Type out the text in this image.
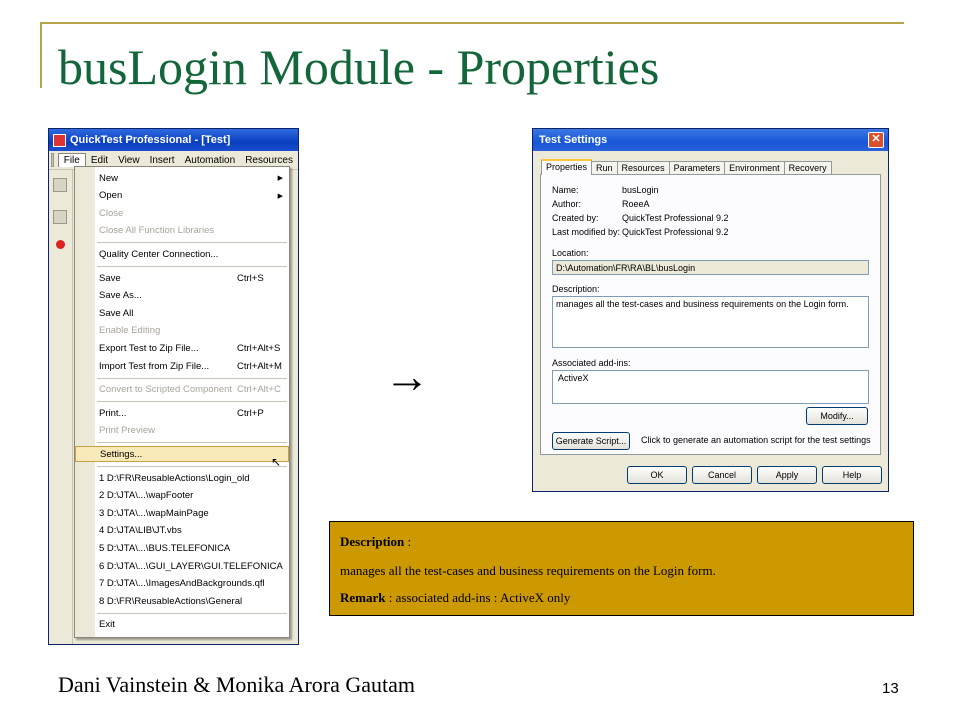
busLogin Module - Properties
QuickTest Professional - [Test]
File	Edit	View	Insert	Automation	Resources
New	▶
Open	▶
Close
Close All Function Libraries
Quality Center Connection...
Save	Ctrl+S
Save As...
Save All
Enable Editing
Export Test to Zip File...	Ctrl+Alt+S
Import Test from Zip File...	Ctrl+Alt+M
Convert to Scripted Component Ctrl+Alt+C
Print...	Ctrl+P
Print Preview
Settings...
1 D:\FR\ReusableActions\Login_old
2 D:\JTA\...\wapFooter
3 D:\JTA\...\wapMainPage
4 D:\JTA\LIB\JT.vbs
5 D:\JTA\...\BUS.TELEFONICA
6 D:\JTA\...\GUI_LAYER\GUI.TELEFONICA
7 D:\JTA\...\ImagesAndBackgrounds.qfl
8 D:\FR\ReusableActions\General
Exit
↖
→
Test Settings	✕
Properties	Run	Resources	Parameters	Environment	Recovery
Name:	busLogin
Author:	RoeeA
Created by:	QuickTest Professional 9.2
Last modified by: QuickTest Professional 9.2
Location:
D:\Automation\FR\RA\BL\busLogin
Description:
manages all the test-cases and business requirements on the Login form.
Associated add-ins:
ActiveX
Modify...
Generate Script...	Click to generate an automation script for the test settings
OK	Cancel	Apply	Help
Description :
manages all the test-cases and business requirements on the Login form.
Remark : associated add-ins : ActiveX only
Dani Vainstein & Monika Arora Gautam	13
